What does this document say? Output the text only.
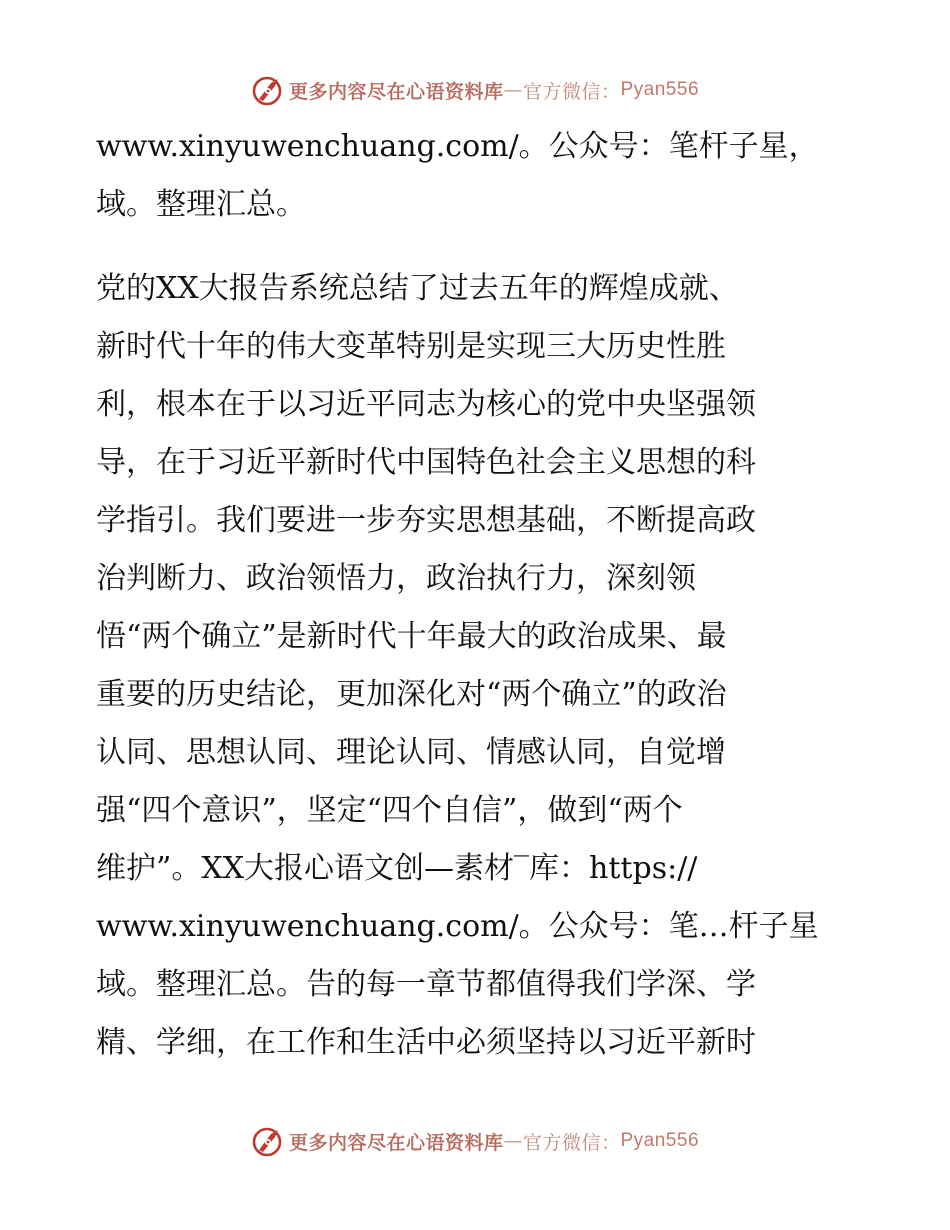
更多内容尽在心语资料库 — 官方微信： Pyan556
www.xinyuwenchuang.com/。公众号：笔杆子星，
域。整理汇总。
党的XX大报告系统总结了过去五年的辉煌成就、
新时代十年的伟大变革特别是实现三大历史性胜
利，根本在于以习近平同志为核心的党中央坚强领
导，在于习近平新时代中国特色社会主义思想的科
学指引。我们要进一步夯实思想基础，不断提高政
治判断力、政治领悟力，政治执行力，深刻领
悟“两个确立”是新时代十年最大的政治成果、最
重要的历史结论，更加深化对“两个确立”的政治
认同、思想认同、理论认同、情感认同，自觉增
强“四个意识”，坚定“四个自信”，做到“两个
维护”。XX大报心语文创—素材‾库：https://
www.xinyuwenchuang.com/。公众号：笔…杆子星
域。整理汇总。告的每一章节都值得我们学深、学
精、学细，在工作和生活中必须坚持以习近平新时
更多内容尽在心语资料库 — 官方微信： Pyan556
